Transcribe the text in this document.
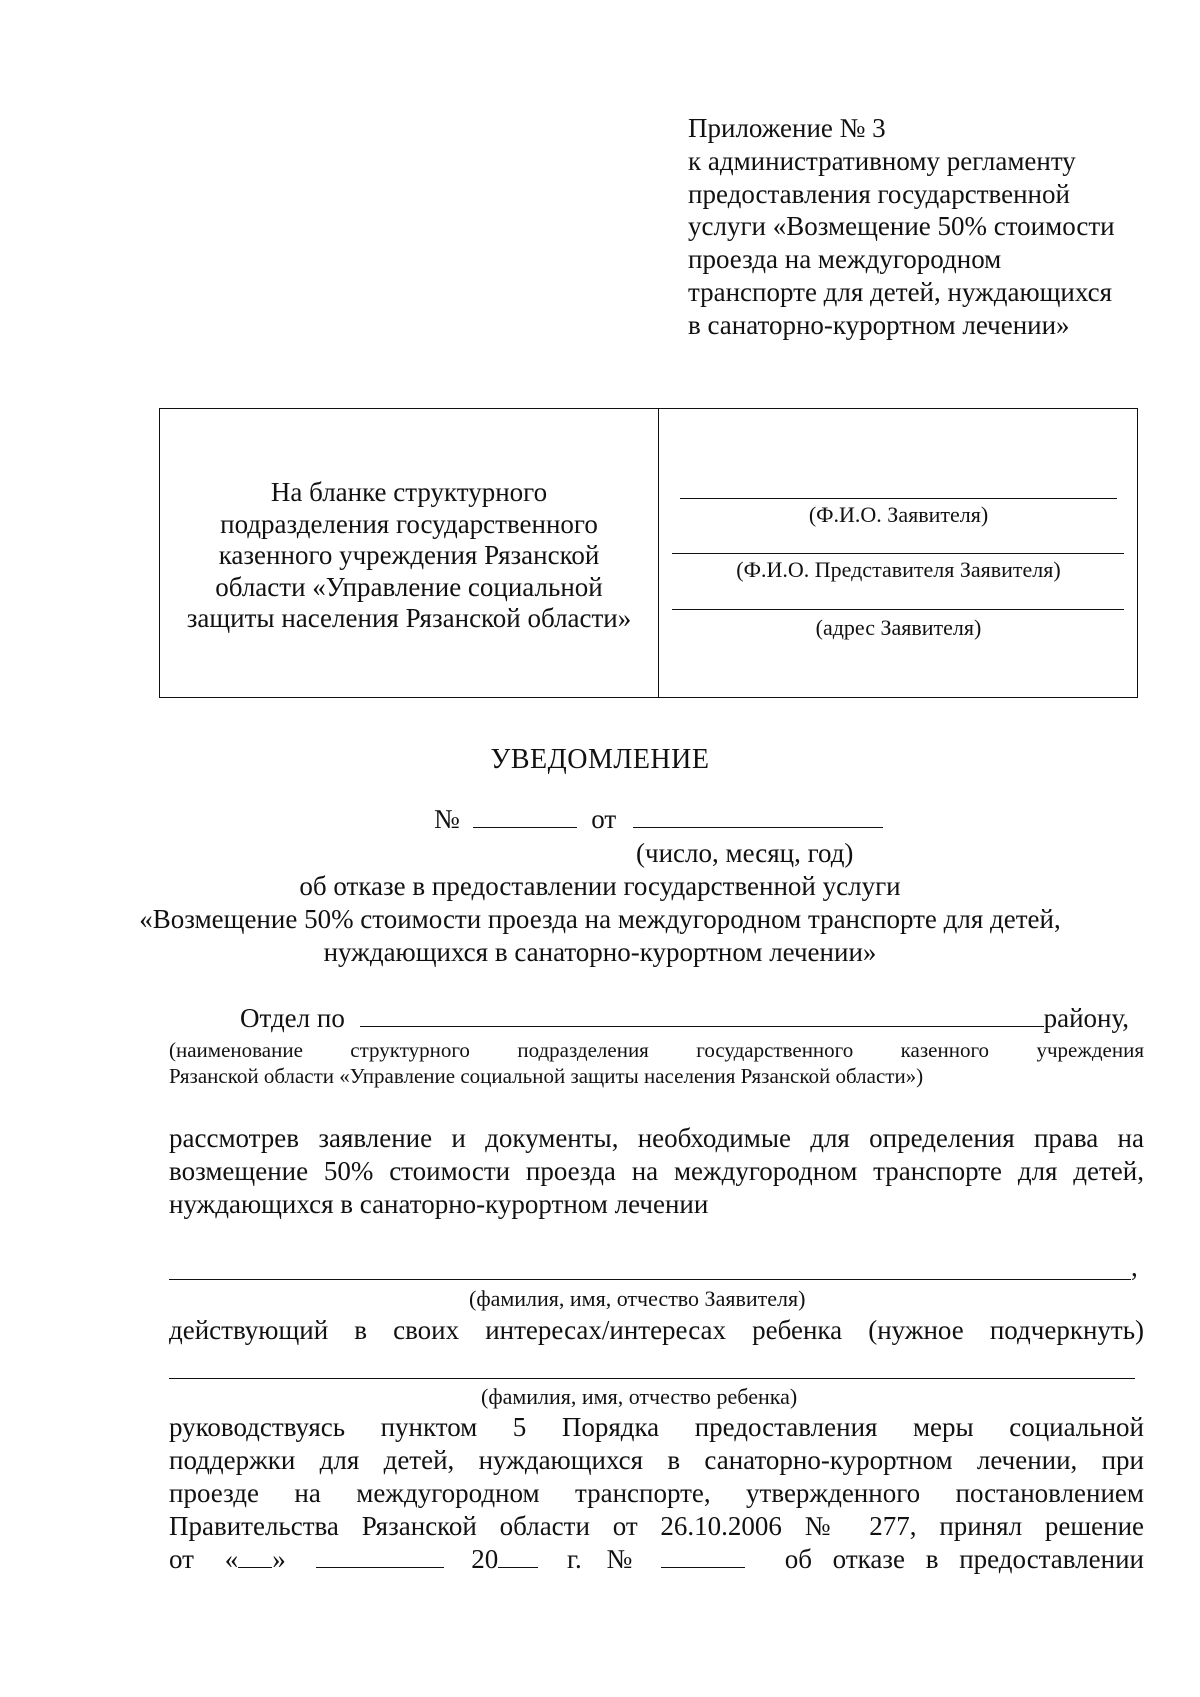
Приложение № 3
к административному регламенту
предоставления государственной
услуги «Возмещение 50% стоимости
проезда на междугородном
транспорте для детей, нуждающихся
в санаторно-курортном лечении»
На бланке структурного
подразделения государственного
казенного учреждения Рязанской
области «Управление социальной
защиты населения Рязанской области»
(Ф.И.О. Заявителя)
(Ф.И.О. Представителя Заявителя)
(адрес Заявителя)
УВЕДОМЛЕНИЕ
№	от
(число, месяц, год)
об отказе в предоставлении государственной услуги
«Возмещение 50% стоимости проезда на междугородном транспорте для детей,
нуждающихся в санаторно-курортном лечении»
Отдел по	району,
(наименование структурного подразделения государственного казенного учреждения
Рязанской области «Управление социальной защиты населения Рязанской области»)
рассмотрев заявление и документы, необходимые для определения права на
возмещение 50% стоимости проезда на междугородном транспорте для детей,
нуждающихся в санаторно-курортном лечении
,
(фамилия, имя, отчество Заявителя)
действующий в своих интересах/интересах ребенка (нужное подчеркнуть)
(фамилия, имя, отчество ребенка)
руководствуясь пунктом 5 Порядка предоставления меры социальной
поддержки для детей, нуждающихся в санаторно-курортном лечении, при
проезде на междугородном транспорте, утвержденного постановлением
Правительства Рязанской области от 26.10.2006 № 277, принял решение
от « »	20	г. №	об отказе в предоставлении
